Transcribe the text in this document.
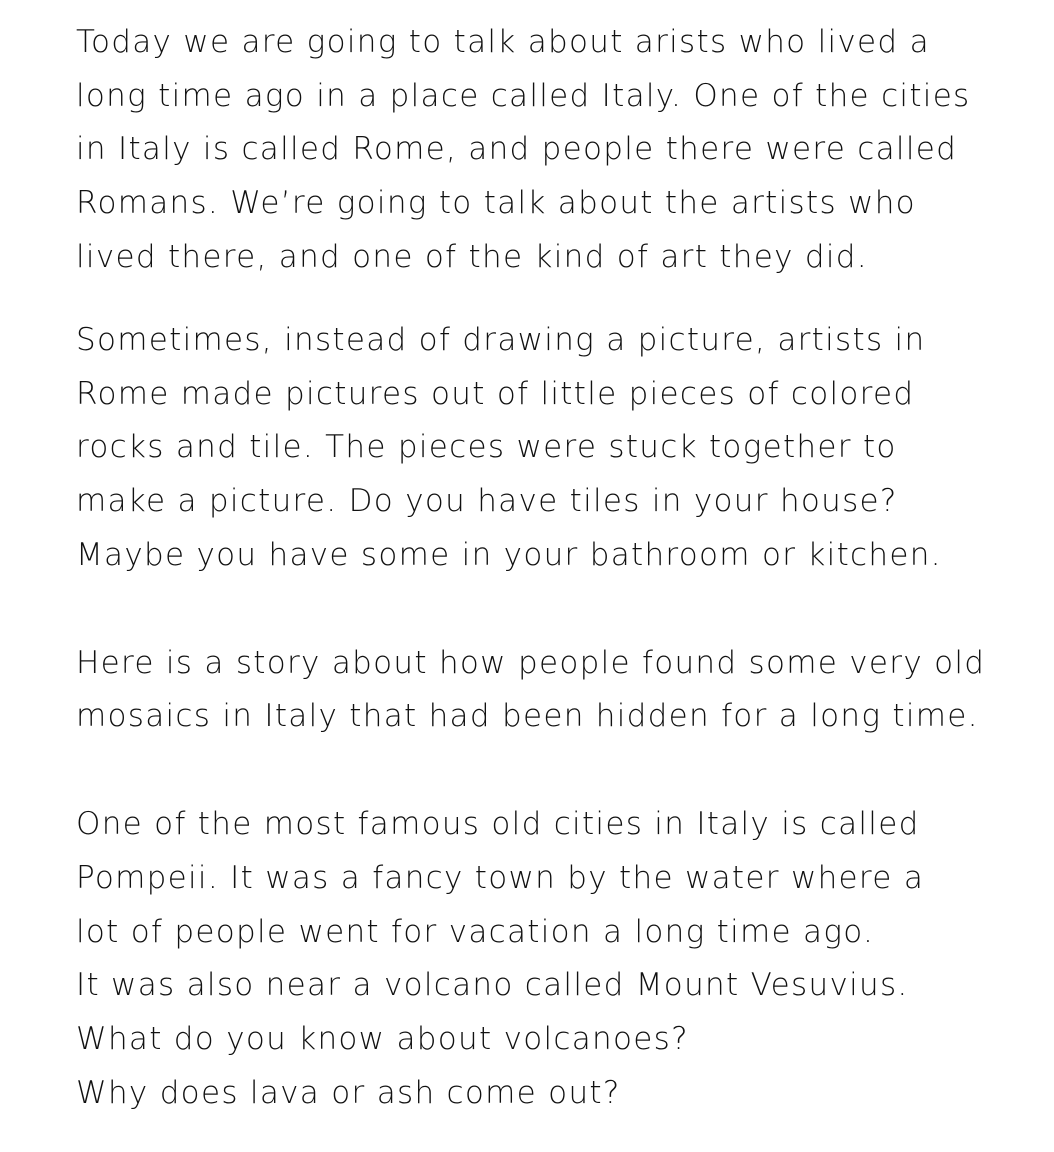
Today we are going to talk about arists who lived a
long time ago in a place called Italy. One of the cities
in Italy is called Rome, and people there were called
Romans. We’re going to talk about the artists who
lived there, and one of the kind of art they did.
Sometimes, instead of drawing a picture, artists in
Rome made pictures out of little pieces of colored
rocks and tile. The pieces were stuck together to
make a picture. Do you have tiles in your house?
Maybe you have some in your bathroom or kitchen.
Here is a story about how people found some very old
mosaics in Italy that had been hidden for a long time.
One of the most famous old cities in Italy is called
Pompeii. It was a fancy town by the water where a
lot of people went for vacation a long time ago.
It was also near a volcano called Mount Vesuvius.
What do you know about volcanoes?
Why does lava or ash come out?
